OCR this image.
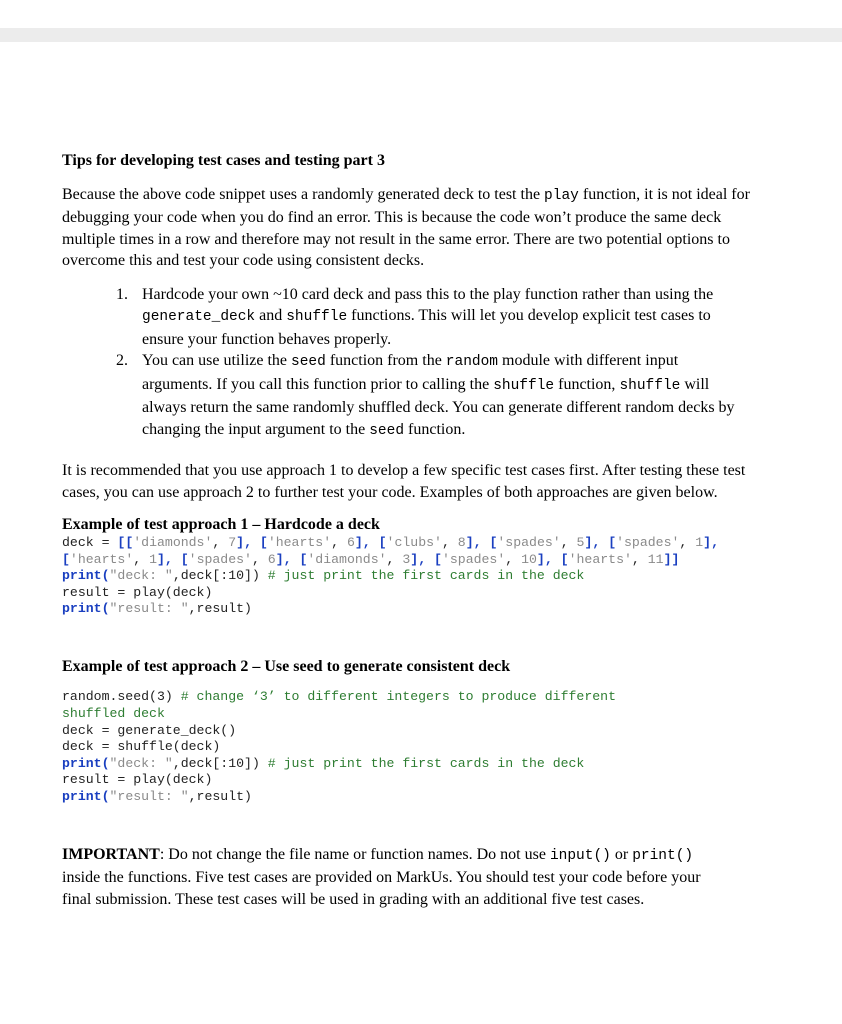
Tips for developing test cases and testing part 3

Because the above code snippet uses a randomly generated deck to test the play function, it is not ideal for debugging your code when you do find an error. This is because the code won’t produce the same deck multiple times in a row and therefore may not result in the same error. There are two potential options to overcome this and test your code using consistent decks.

1. Hardcode your own ~10 card deck and pass this to the play function rather than using the generate_deck and shuffle functions. This will let you develop explicit test cases to ensure your function behaves properly.
2. You can use utilize the seed function from the random module with different input arguments. If you call this function prior to calling the shuffle function, shuffle will always return the same randomly shuffled deck. You can generate different random decks by changing the input argument to the seed function.

It is recommended that you use approach 1 to develop a few specific test cases first. After testing these test cases, you can use approach 2 to further test your code. Examples of both approaches are given below.

Example of test approach 1 – Hardcode a deck

deck = [['diamonds', 7], ['hearts', 6], ['clubs', 8], ['spades', 5], ['spades', 1], ['hearts', 1], ['spades', 6], ['diamonds', 3], ['spades', 10], ['hearts', 11]]
print("deck: ",deck[:10]) # just print the first cards in the deck
result = play(deck)
print("result: ",result)

Example of test approach 2 – Use seed to generate consistent deck

random.seed(3) # change ‘3’ to different integers to produce different
shuffled deck
deck = generate_deck()
deck = shuffle(deck)
print("deck: ",deck[:10]) # just print the first cards in the deck
result = play(deck)
print("result: ",result)

IMPORTANT: Do not change the file name or function names. Do not use input() or print() inside the functions. Five test cases are provided on MarkUs. You should test your code before your final submission. These test cases will be used in grading with an additional five test cases.
